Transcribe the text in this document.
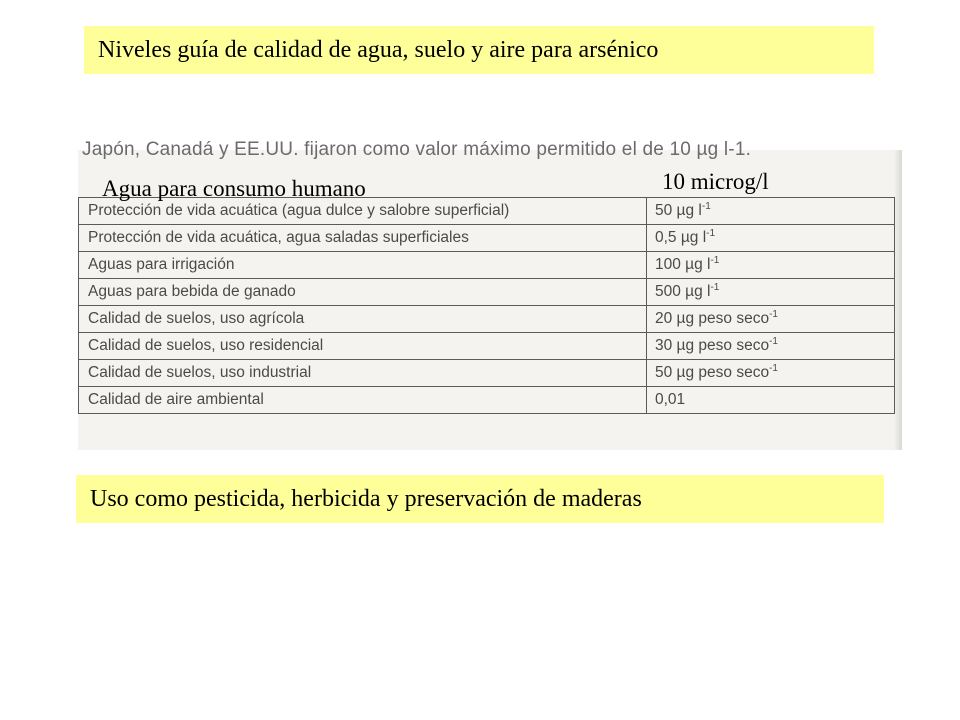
Niveles guía de calidad de agua, suelo y aire para arsénico
Japón, Canadá y EE.UU. fijaron como valor máximo permitido el de 10 µg l-1.
Protección de vida acuática (agua dulce y salobre superficial)	50 µg $l^{-1}$
Protección de vida acuática, agua saladas superficiales	0,5 µg $l^{-1}$
Aguas para irrigación	100 µg $l^{-1}$
Aguas para bebida de ganado	500 µg $l^{-1}$
Calidad de suelos, uso agrícola	20 µg peso seco$^{-1}$
Calidad de suelos, uso residencial	30 µg peso seco$^{-1}$
Calidad de suelos, uso industrial	50 µg peso seco$^{-1}$
Calidad de aire ambiental	0,01
Agua para consumo humano	10 microg/l
Uso como pesticida, herbicida y preservación de maderas
